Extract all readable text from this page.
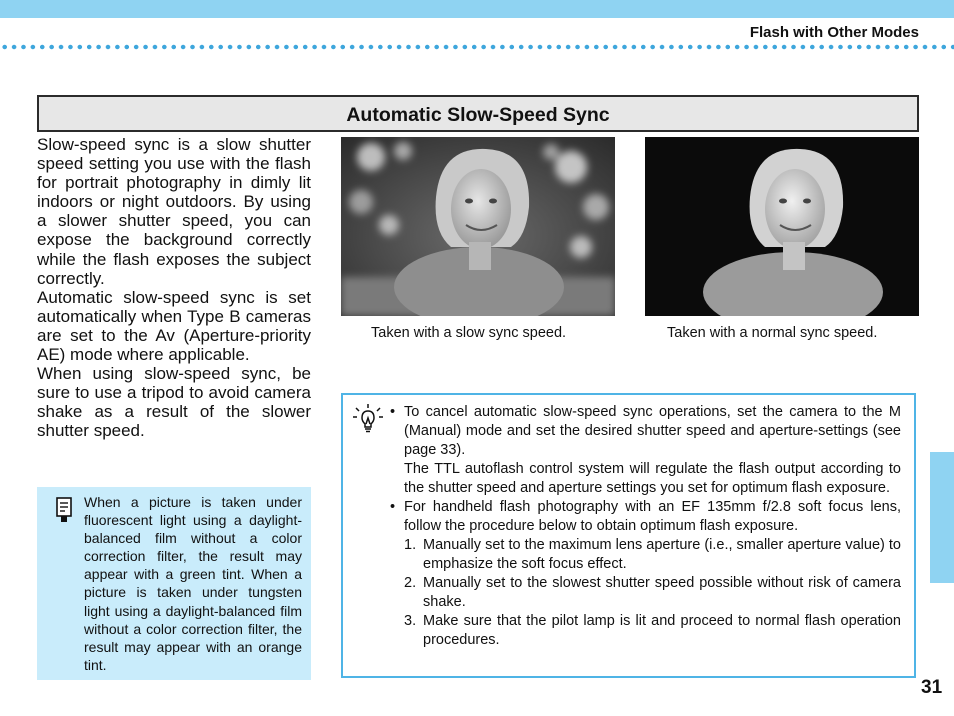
Flash with Other Modes
Automatic Slow-Speed Sync

Slow-speed sync is a slow shutter speed setting you use with the flash for portrait photography in dimly lit indoors or night outdoors. By using a slower shutter speed, you can expose the background correctly while the flash exposes the subject correctly.

Automatic slow-speed sync is set automatically when Type B cameras are set to the Av (Aperture-priority AE) mode where applicable.

When using slow-speed sync, be sure to use a tripod to avoid camera shake as a result of the slower shutter speed.

Taken with a slow sync speed.	Taken with a normal sync speed.
When a picture is taken under fluorescent light using a daylight-balanced film without a color correction filter, the result may appear with a green tint. When a picture is taken under tungsten light using a daylight-balanced film without a color correction filter, the result may appear with an orange tint.
• To cancel automatic slow-speed sync operations, set the camera to the M (Manual) mode and set the desired shutter speed and aperture-settings (see page 33).

The TTL autoflash control system will regulate the flash output according to the shutter speed and aperture settings you set for optimum flash exposure.

• For handheld flash photography with an EF 135mm f/2.8 soft focus lens, follow the procedure below to obtain optimum flash exposure.

1. Manually set to the maximum lens aperture (i.e., smaller aperture value) to emphasize the soft focus effect.
2. Manually set to the slowest shutter speed possible without risk of camera shake.
3. Make sure that the pilot lamp is lit and proceed to normal flash operation procedures.
31
